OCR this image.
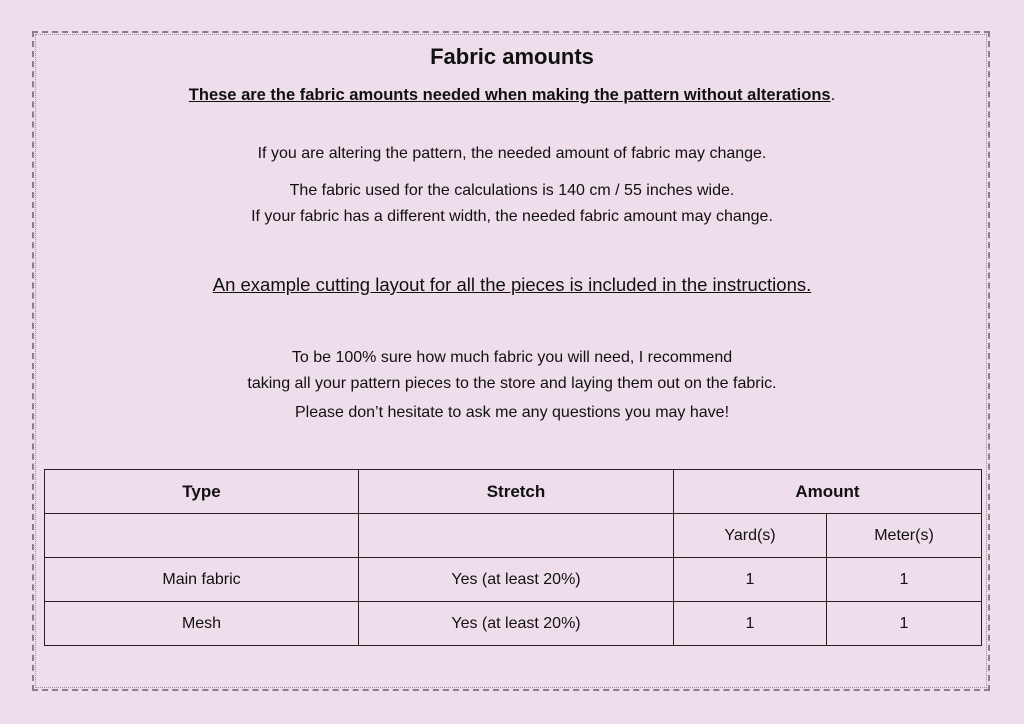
Fabric amounts
These are the fabric amounts needed when making the pattern without alterations.
If you are altering the pattern, the needed amount of fabric may change.
The fabric used for the calculations is 140 cm / 55 inches wide.
If your fabric has a different width, the needed fabric amount may change.
An example cutting layout for all the pieces is included in the instructions.
To be 100% sure how much fabric you will need, I recommend
taking all your pattern pieces to the store and laying them out on the fabric.
Please don’t hesitate to ask me any questions you may have!
Type	Stretch	Amount	
		Yard(s)	Meter(s)
Main fabric	Yes (at least 20%)	1	1
Mesh	Yes (at least 20%)	1	1
